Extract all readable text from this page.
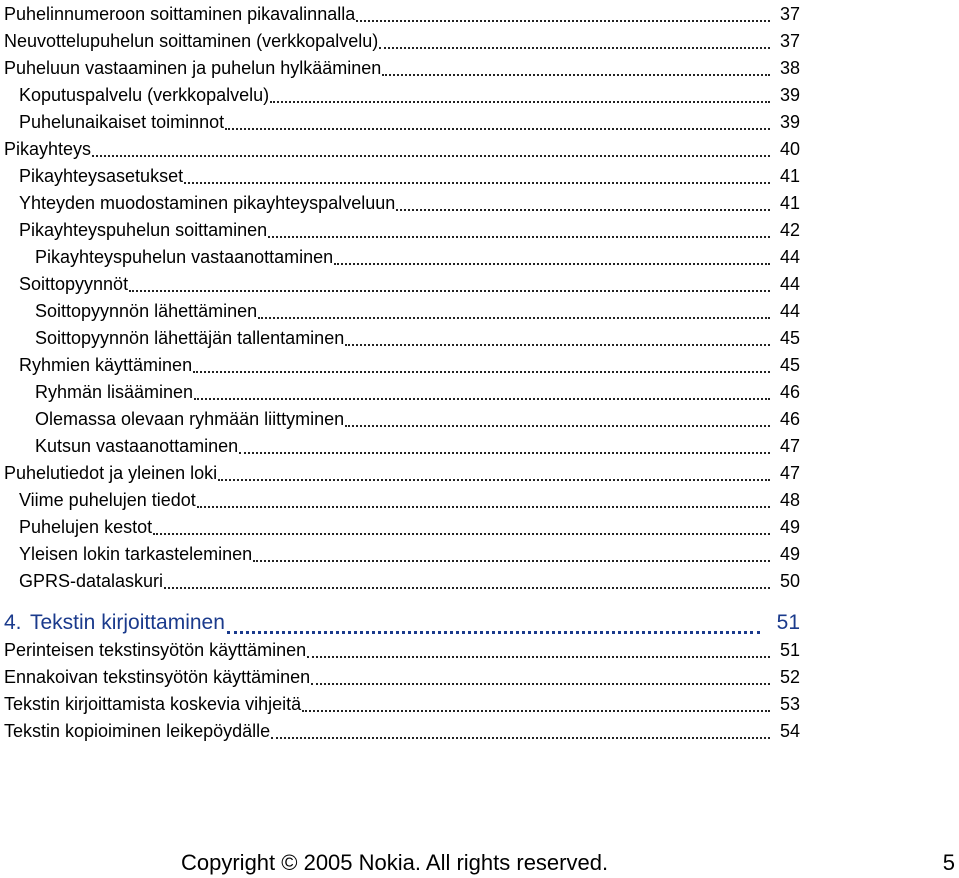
Puhelinnumeroon soittaminen pikavalinnalla	37
Neuvottelupuhelun soittaminen (verkkopalvelu)	37
Puheluun vastaaminen ja puhelun hylkääminen	38
Koputuspalvelu (verkkopalvelu)	39
Puhelunaikaiset toiminnot	39
Pikayhteys	40
Pikayhteysasetukset	41
Yhteyden muodostaminen pikayhteyspalveluun	41
Pikayhteyspuhelun soittaminen	42
Pikayhteyspuhelun vastaanottaminen	44
Soittopyynnöt	44
Soittopyynnön lähettäminen	44
Soittopyynnön lähettäjän tallentaminen	45
Ryhmien käyttäminen	45
Ryhmän lisääminen	46
Olemassa olevaan ryhmään liittyminen	46
Kutsun vastaanottaminen	47
Puhelutiedot ja yleinen loki	47
Viime puhelujen tiedot	48
Puhelujen kestot	49
Yleisen lokin tarkasteleminen	49
GPRS-datalaskuri	50
4. Tekstin kirjoittaminen	51
Perinteisen tekstinsyötön käyttäminen	51
Ennakoivan tekstinsyötön käyttäminen	52
Tekstin kirjoittamista koskevia vihjeitä	53
Tekstin kopioiminen leikepöydälle	54
Copyright © 2005 Nokia. All rights reserved.	5
